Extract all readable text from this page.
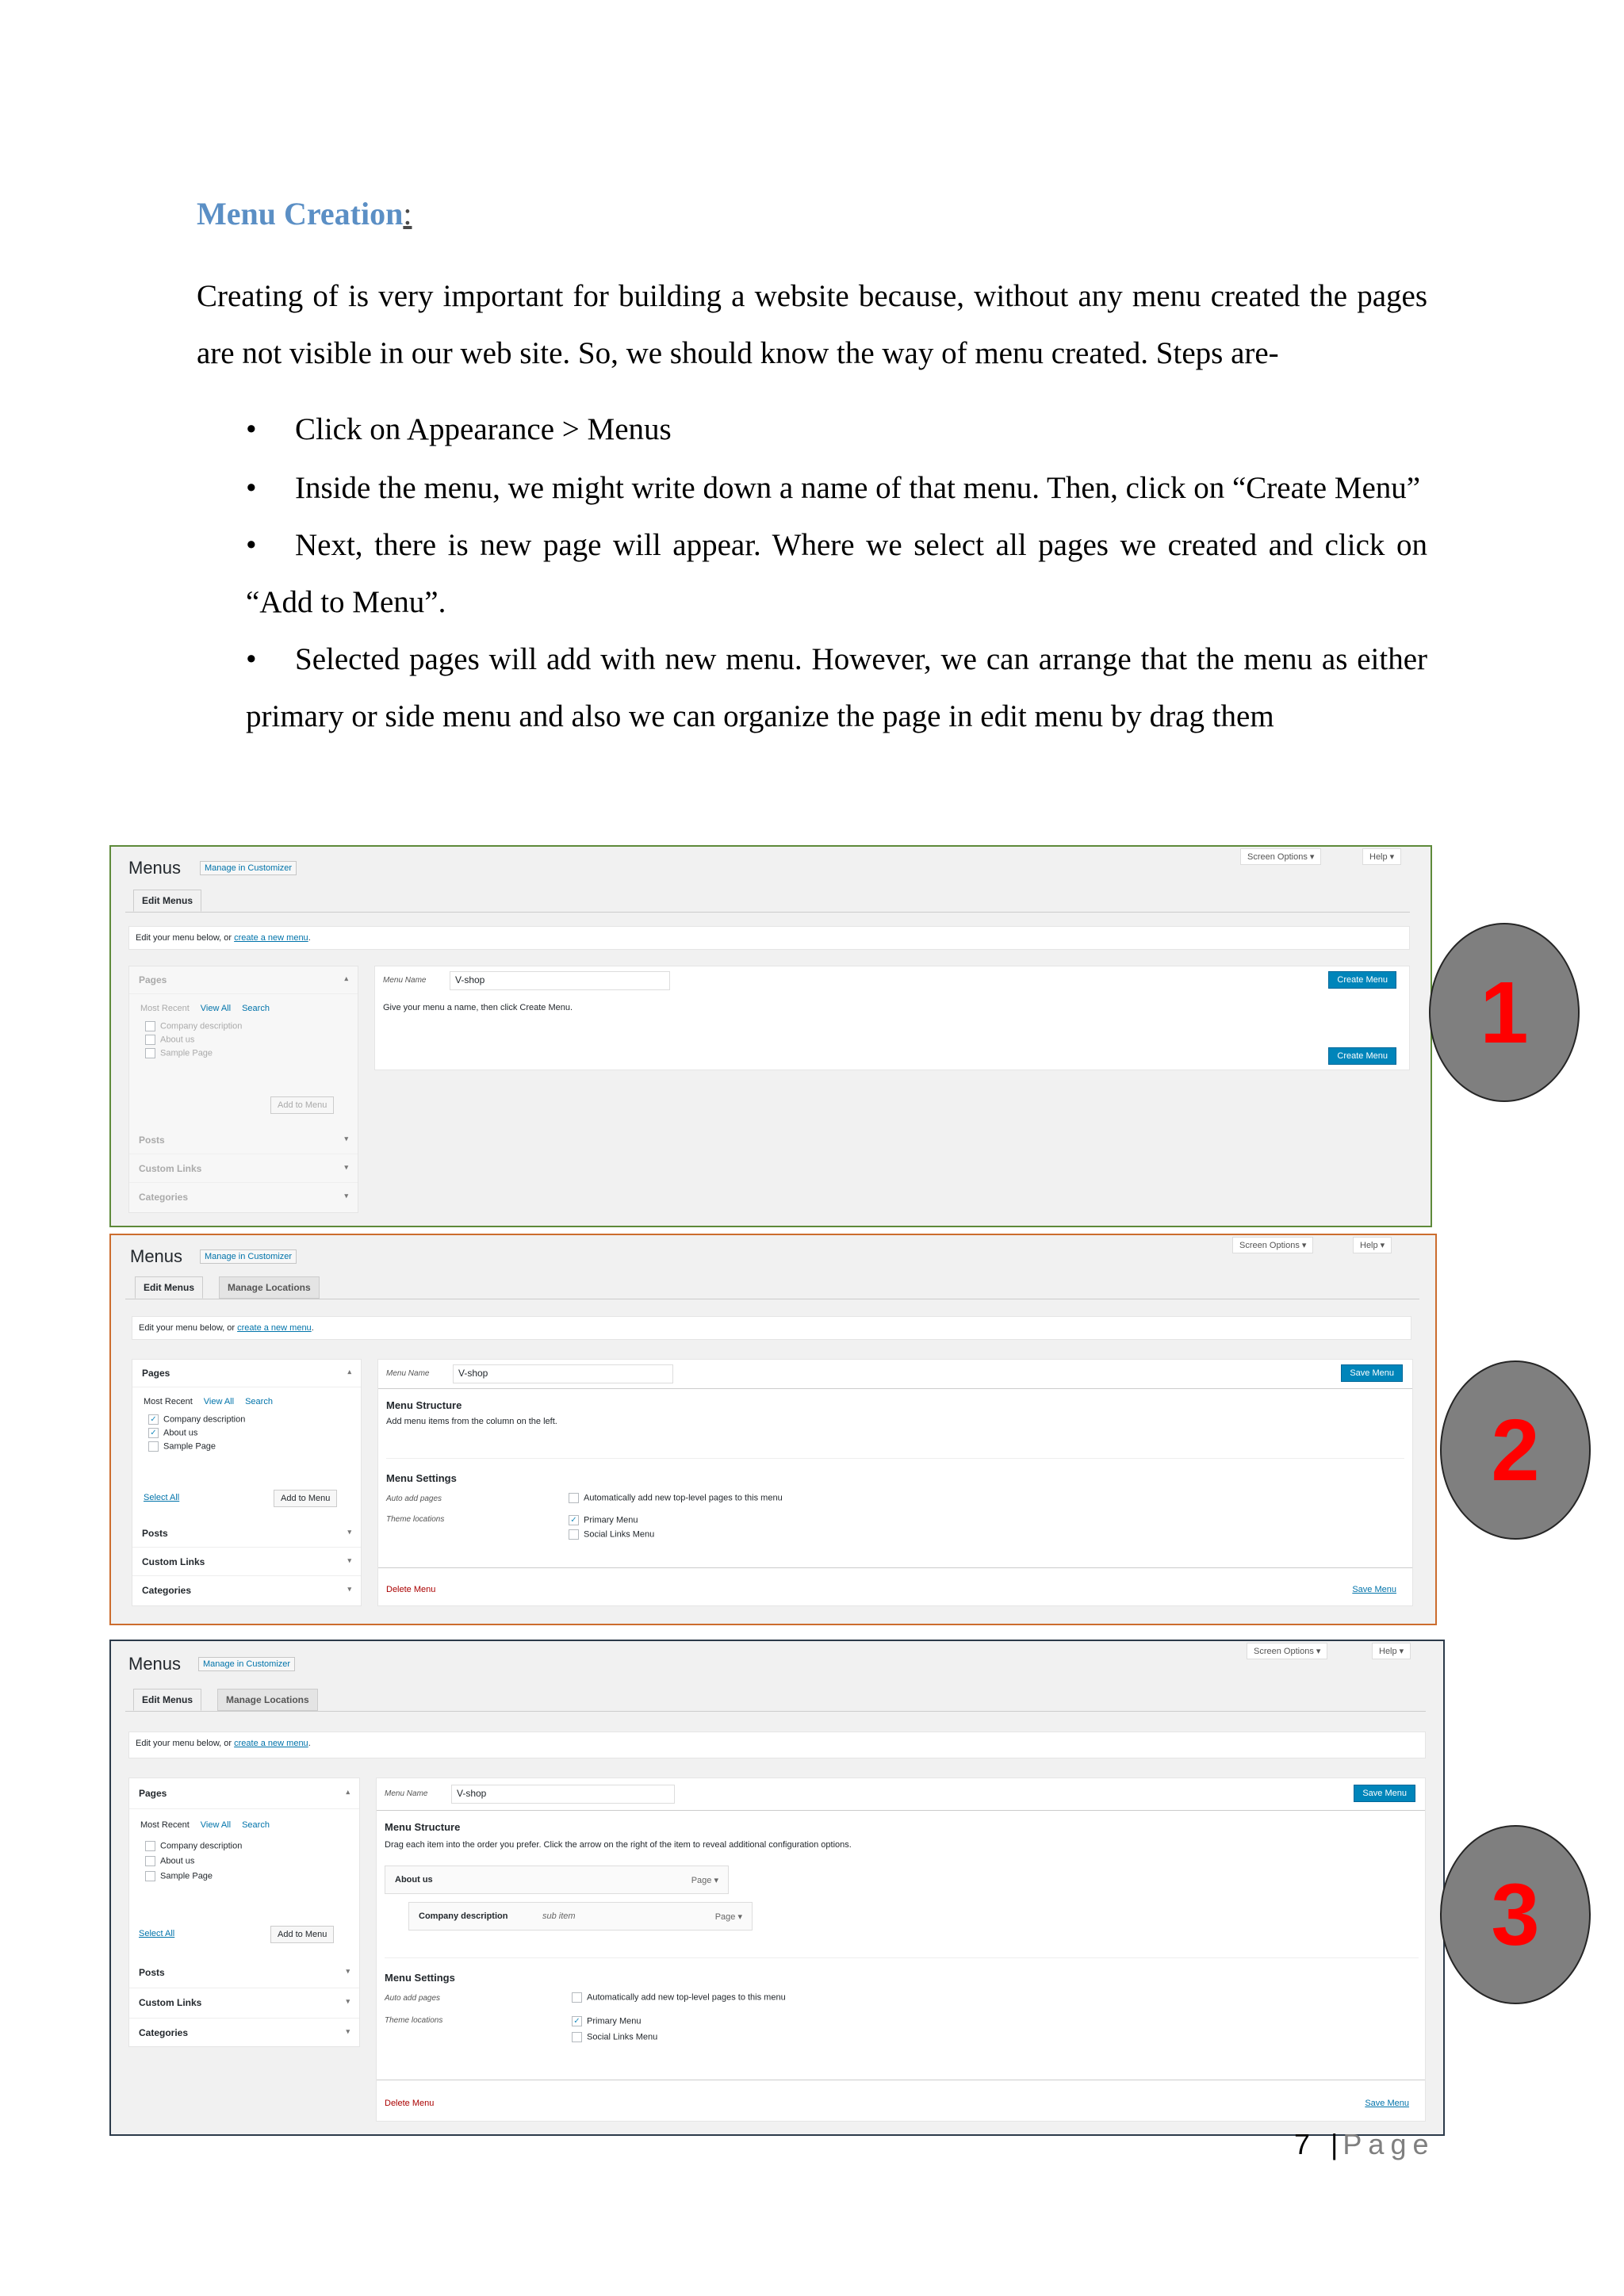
Menu Creation:
Creating of is very important for building a website because, without any menu created the pages are not visible in our web site. So, we should know the way of menu created. Steps are-
•	Click on Appearance > Menus
•	Inside the menu, we might write down a name of that menu. Then, click on “Create Menu”
•	Next, there is new page will appear. Where we select all pages we created and click on “Add to Menu”.
•	Selected pages will add with new menu. However, we can arrange that the menu as either primary or side menu and also we can organize the page in edit menu by drag them
Menus	Manage in Customizer
Screen Options ▾	Help ▾
Edit Menus
Edit your menu below, or create a new menu.
Pages	▴
Most Recent View All Search
Company description
About us
Sample Page
Add to Menu
Posts	▾
Custom Links	▾
Categories	▾
Menu Name	V-shop	Create Menu
Give your menu a name, then click Create Menu.
Create Menu
Menus	Manage in Customizer
Screen Options ▾	Help ▾
Edit Menus	Manage Locations
Edit your menu below, or create a new menu.
Pages	▴
Most Recent View All Search
✓ Company description
✓ About us
Sample Page
Select All	Add to Menu
Posts	▾
Custom Links	▾
Categories	▾
Menu Name	V-shop	Save Menu
Menu Structure
Add menu items from the column on the left.
Menu Settings
Auto add pages	Automatically add new top-level pages to this menu
Theme locations	✓ Primary Menu
Social Links Menu
Delete Menu	Save Menu
Menus	Manage in Customizer
Screen Options ▾	Help ▾
Edit Menus	Manage Locations
Edit your menu below, or create a new menu.
Pages	▴
Most Recent View All Search
Company description
About us
Sample Page
Select All	Add to Menu
Posts	▾
Custom Links	▾
Categories	▾
Menu Name	V-shop	Save Menu
Menu Structure
Drag each item into the order you prefer. Click the arrow on the right of the item to reveal additional configuration options.
About us	Page ▾
Company description	sub item	Page ▾
Menu Settings
Auto add pages	Automatically add new top-level pages to this menu
Theme locations	✓ Primary Menu
Social Links Menu
Delete Menu	Save Menu
1
2
3
7 | Page
